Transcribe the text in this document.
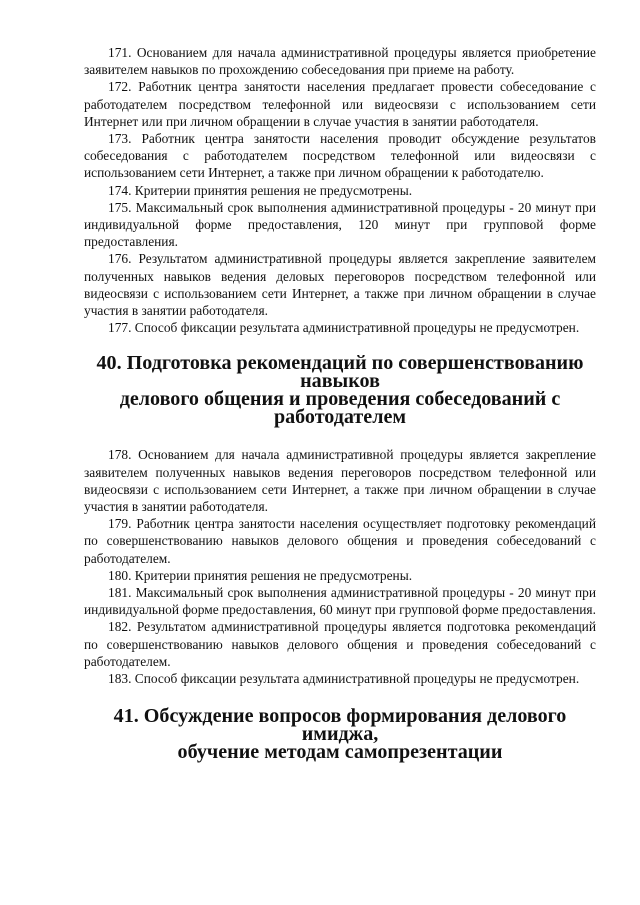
171. Основанием для начала административной процедуры является приобретение заявителем навыков по прохождению собеседования при приеме на работу.

172. Работник центра занятости населения предлагает провести собеседование с работодателем посредством телефонной или видеосвязи с использованием сети Интернет или при личном обращении в случае участия в занятии работодателя.

173. Работник центра занятости населения проводит обсуждение результатов собеседования с работодателем посредством телефонной или видеосвязи с использованием сети Интернет, а также при личном обращении к работодателю.

174. Критерии принятия решения не предусмотрены.

175. Максимальный срок выполнения административной процедуры - 20 минут при индивидуальной форме предоставления, 120 минут при групповой форме предоставления.

176. Результатом административной процедуры является закрепление заявителем полученных навыков ведения деловых переговоров посредством телефонной или видеосвязи с использованием сети Интернет, а также при личном обращении в случае участия в занятии работодателя.

177. Способ фиксации результата административной процедуры не предусмотрен.

40. Подготовка рекомендаций по совершенствованию навыков
делового общения и проведения собеседований с работодателем

178. Основанием для начала административной процедуры является закрепление заявителем полученных навыков ведения переговоров посредством телефонной или видеосвязи с использованием сети Интернет, а также при личном обращении в случае участия в занятии работодателя.

179. Работник центра занятости населения осуществляет подготовку рекомендаций по совершенствованию навыков делового общения и проведения собеседований с работодателем.

180. Критерии принятия решения не предусмотрены.

181. Максимальный срок выполнения административной процедуры - 20 минут при индивидуальной форме предоставления, 60 минут при групповой форме предоставления.

182. Результатом административной процедуры является подготовка рекомендаций по совершенствованию навыков делового общения и проведения собеседований с работодателем.

183. Способ фиксации результата административной процедуры не предусмотрен.

41. Обсуждение вопросов формирования делового имиджа,
обучение методам самопрезентации
